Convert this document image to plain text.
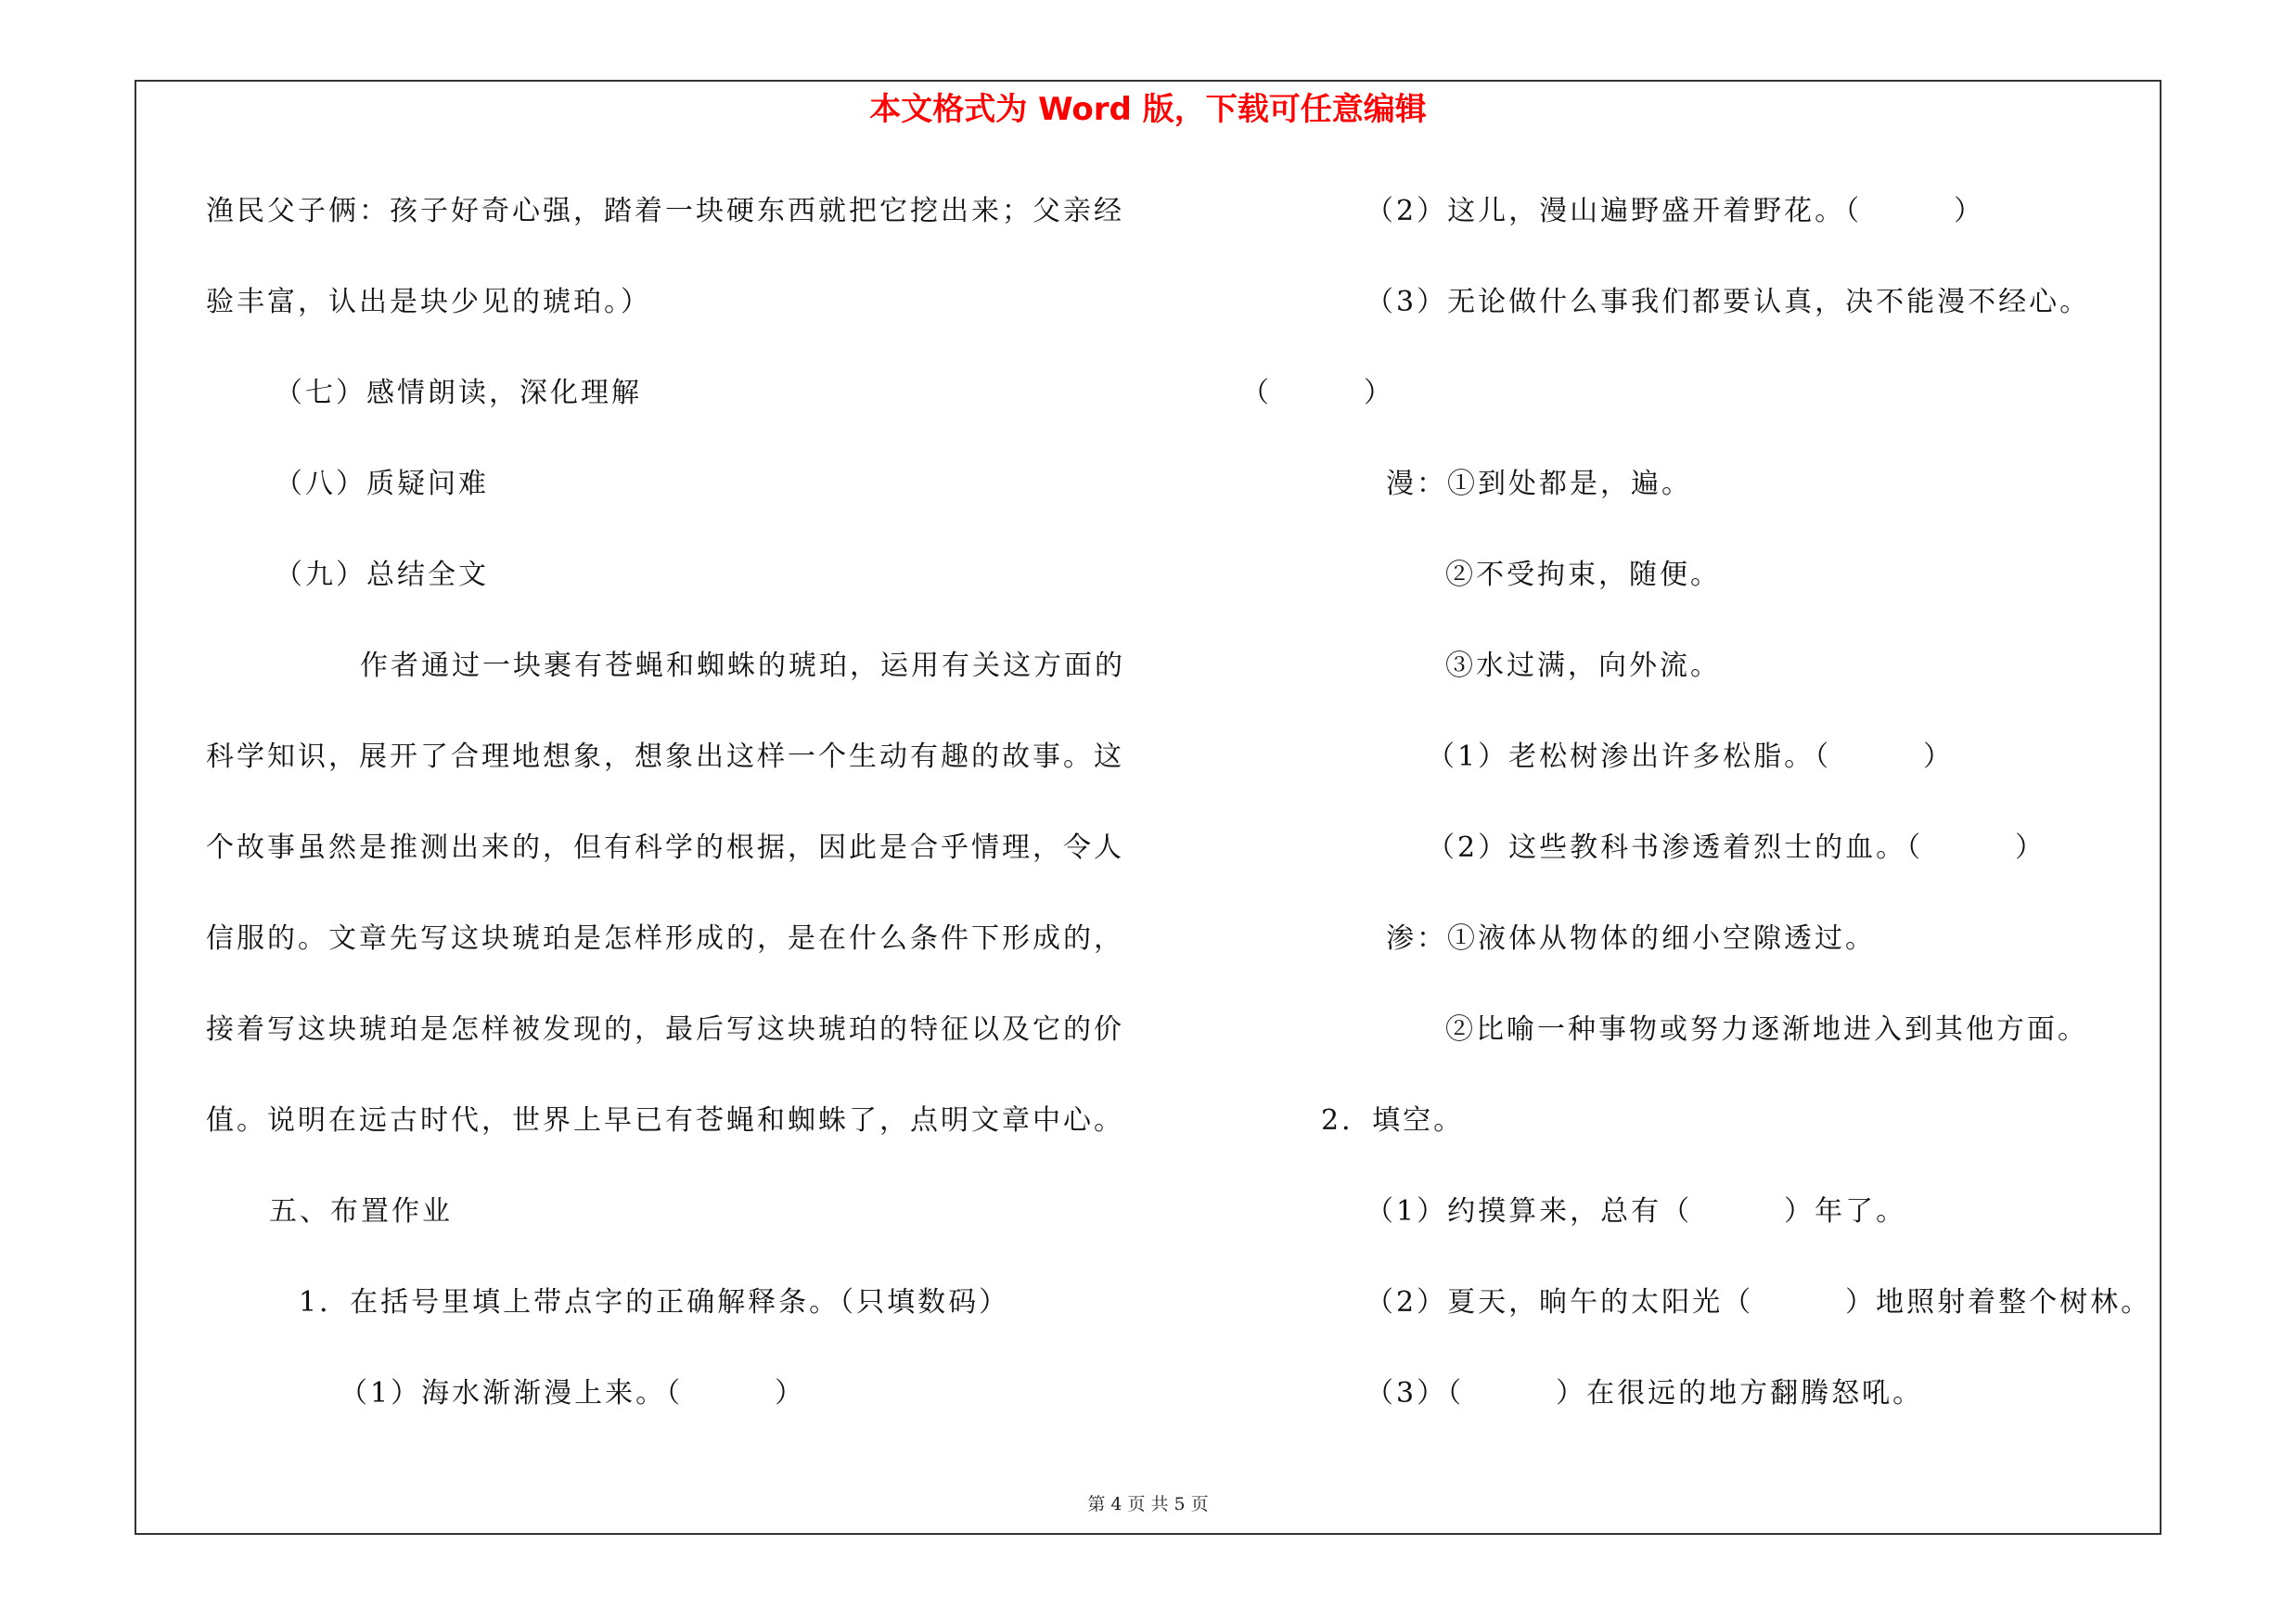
本文格式为 Word 版，下载可任意编辑
渔民父子俩：孩子好奇心强，踏着一块硬东西就把它挖出来；父亲经
验丰富，认出是块少见的琥珀。）
（七）感情朗读，深化理解
（八）质疑问难
（九）总结全文
作者通过一块裹有苍蝇和蜘蛛的琥珀，运用有关这方面的
科学知识，展开了合理地想象，想象出这样一个生动有趣的故事。这
个故事虽然是推测出来的，但有科学的根据，因此是合乎情理，令人
信服的。文章先写这块琥珀是怎样形成的，是在什么条件下形成的，
接着写这块琥珀是怎样被发现的，最后写这块琥珀的特征以及它的价
值。说明在远古时代，世界上早已有苍蝇和蜘蛛了，点明文章中心。
五、布置作业
1．在括号里填上带点字的正确解释条。（只填数码）
（1）海水渐渐漫上来。（　　　）
（2）这儿，漫山遍野盛开着野花。（　　　）
（3）无论做什么事我们都要认真，决不能漫不经心。
（　　　）
漫：①到处都是，遍。
②不受拘束，随便。
③水过满，向外流。
（1）老松树渗出许多松脂。（　　　）
（2）这些教科书渗透着烈士的血。（　　　）
渗：①液体从物体的细小空隙透过。
②比喻一种事物或努力逐渐地进入到其他方面。
2．填空。
（1）约摸算来，总有（　　　）年了。
（2）夏天，晌午的太阳光（　　　）地照射着整个树林。
（3）（　　　）在很远的地方翻腾怒吼。
第 4 页 共 5 页
